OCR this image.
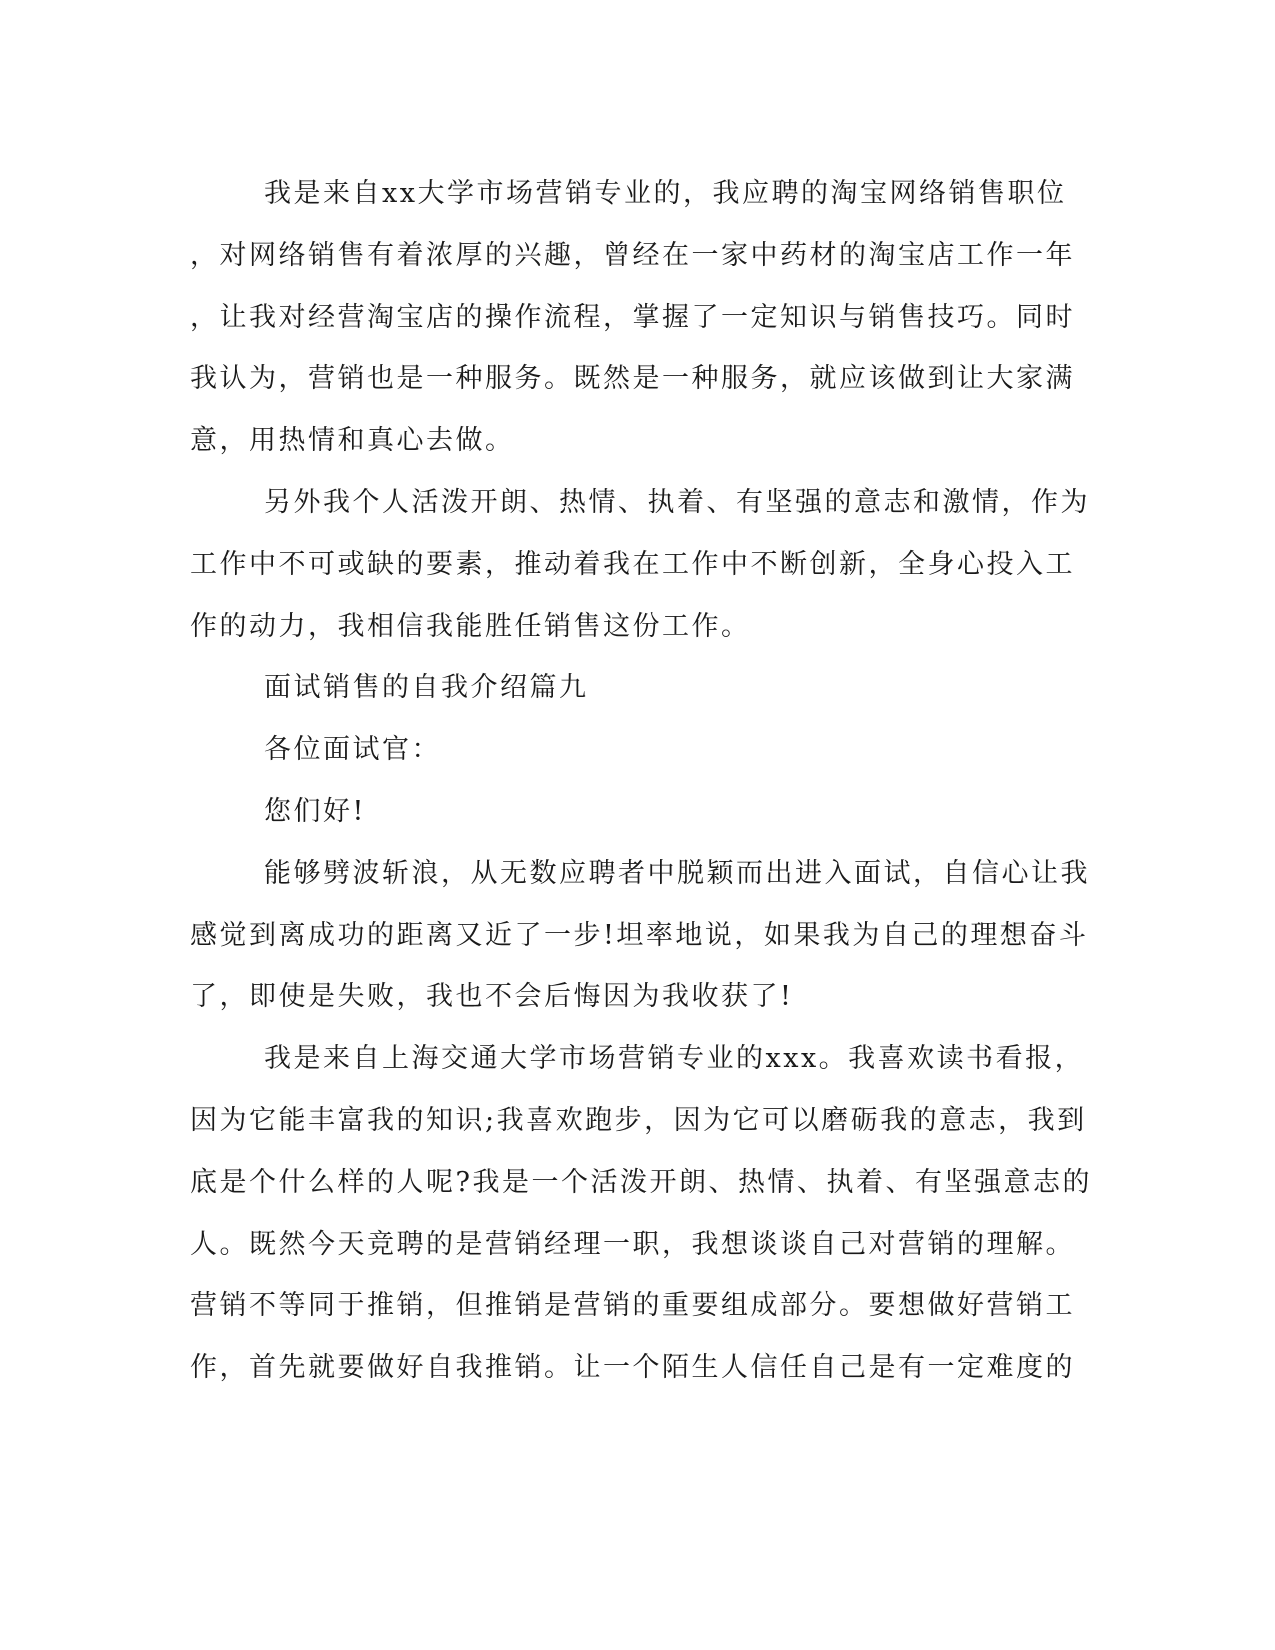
我是来自xx大学市场营销专业的，我应聘的淘宝网络销售职位
，对网络销售有着浓厚的兴趣，曾经在一家中药材的淘宝店工作一年
，让我对经营淘宝店的操作流程，掌握了一定知识与销售技巧。同时
我认为，营销也是一种服务。既然是一种服务，就应该做到让大家满
意，用热情和真心去做。
另外我个人活泼开朗、热情、执着、有坚强的意志和激情，作为
工作中不可或缺的要素，推动着我在工作中不断创新，全身心投入工
作的动力，我相信我能胜任销售这份工作。
面试销售的自我介绍篇九
各位面试官：
您们好!
能够劈波斩浪，从无数应聘者中脱颖而出进入面试，自信心让我
感觉到离成功的距离又近了一步!坦率地说，如果我为自己的理想奋斗
了，即使是失败，我也不会后悔因为我收获了!
我是来自上海交通大学市场营销专业的xxx。我喜欢读书看报，
因为它能丰富我的知识;我喜欢跑步，因为它可以磨砺我的意志，我到
底是个什么样的人呢?我是一个活泼开朗、热情、执着、有坚强意志的
人。既然今天竞聘的是营销经理一职，我想谈谈自己对营销的理解。
营销不等同于推销，但推销是营销的重要组成部分。要想做好营销工
作，首先就要做好自我推销。让一个陌生人信任自己是有一定难度的
